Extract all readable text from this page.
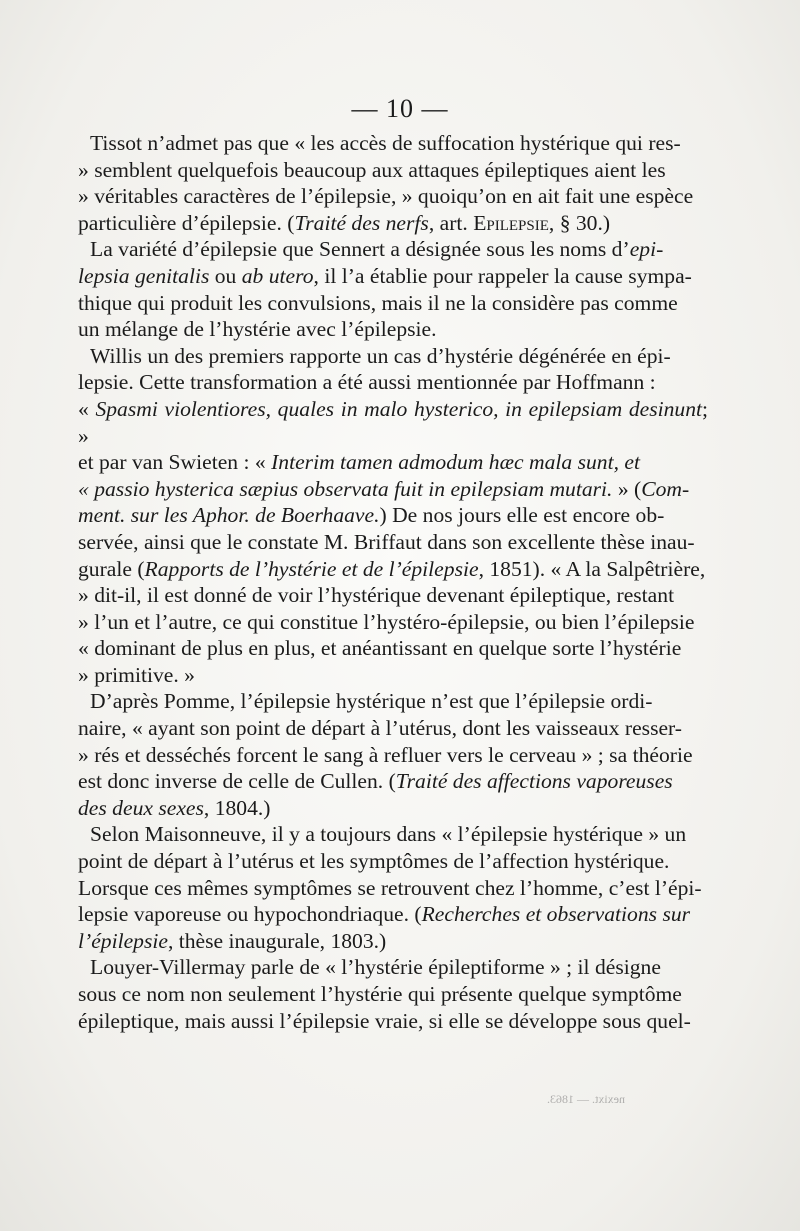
— 10 —

Tissot n’admet pas que « les accès de suffocation hystérique qui res-
» semblent quelquefois beaucoup aux attaques épileptiques aient les
» véritables caractères de l’épilepsie, » quoiqu’on en ait fait une espèce
particulière d’épilepsie. (Traité des nerfs, art. Epilepsie, § 30.)

La variété d’épilepsie que Sennert a désignée sous les noms d’epi-
lepsia genitalis ou ab utero, il l’a établie pour rappeler la cause sympa-
thique qui produit les convulsions, mais il ne la considère pas comme
un mélange de l’hystérie avec l’épilepsie.

Willis un des premiers rapporte un cas d’hystérie dégénérée en épi-
lepsie. Cette transformation a été aussi mentionnée par Hoffmann :
« Spasmi violentiores, quales in malo hysterico, in epilepsiam desinunt; »
et par van Swieten : « Interim tamen admodum hæc mala sunt, et
« passio hysterica sæpius observata fuit in epilepsiam mutari. » (Com-
ment. sur les Aphor. de Boerhaave.) De nos jours elle est encore ob-
servée, ainsi que le constate M. Briffaut dans son excellente thèse inau-
gurale (Rapports de l’hystérie et de l’épilepsie, 1851). « A la Salpêtrière,
» dit-il, il est donné de voir l’hystérique devenant épileptique, restant
» l’un et l’autre, ce qui constitue l’hystéro-épilepsie, ou bien l’épilepsie
« dominant de plus en plus, et anéantissant en quelque sorte l’hystérie
» primitive. »

D’après Pomme, l’épilepsie hystérique n’est que l’épilepsie ordi-
naire, « ayant son point de départ à l’utérus, dont les vaisseaux resser-
» rés et desséchés forcent le sang à refluer vers le cerveau » ; sa théorie
est donc inverse de celle de Cullen. (Traité des affections vaporeuses
des deux sexes, 1804.)

Selon Maisonneuve, il y a toujours dans « l’épilepsie hystérique » un
point de départ à l’utérus et les symptômes de l’affection hystérique.
Lorsque ces mêmes symptômes se retrouvent chez l’homme, c’est l’épi-
lepsie vaporeuse ou hypochondriaque. (Recherches et observations sur
l’épilepsie, thèse inaugurale, 1803.)

Louyer-Villermay parle de « l’hystérie épileptiforme » ; il désigne
sous ce nom non seulement l’hystérie qui présente quelque symptôme
épileptique, mais aussi l’épilepsie vraie, si elle se développe sous quel-

nexixt. — 1863.
